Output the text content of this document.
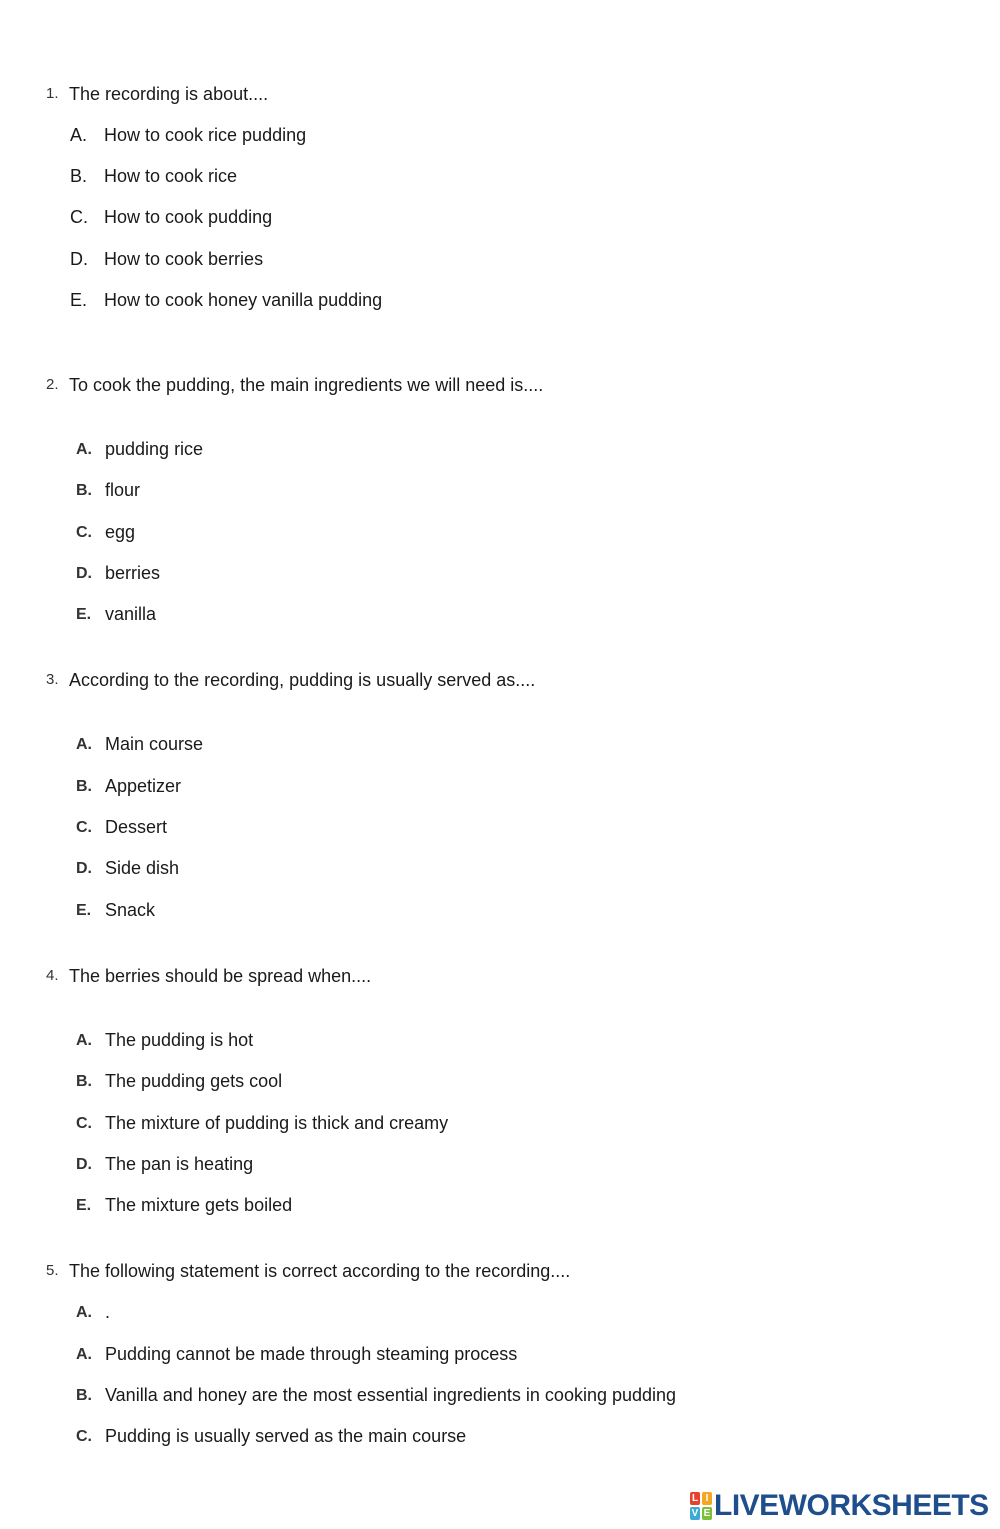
1. The recording is about....
A. How to cook rice pudding
B. How to cook rice
C. How to cook pudding
D. How to cook berries
E. How to cook honey vanilla pudding
2. To cook the pudding, the main ingredients we will need is....
A. pudding rice
B. flour
C. egg
D. berries
E. vanilla
3. According to the recording, pudding is usually served as....
A. Main course
B. Appetizer
C. Dessert
D. Side dish
E. Snack
4. The berries should be spread when....
A. The pudding is hot
B. The pudding gets cool
C. The mixture of pudding is thick and creamy
D. The pan is heating
E. The mixture gets boiled
5. The following statement is correct according to the recording....
A. .
A. Pudding cannot be made through steaming process
B. Vanilla and honey are the most essential ingredients in cooking pudding
C. Pudding is usually served as the main course
L I
V E LIVEWORKSHEETS
